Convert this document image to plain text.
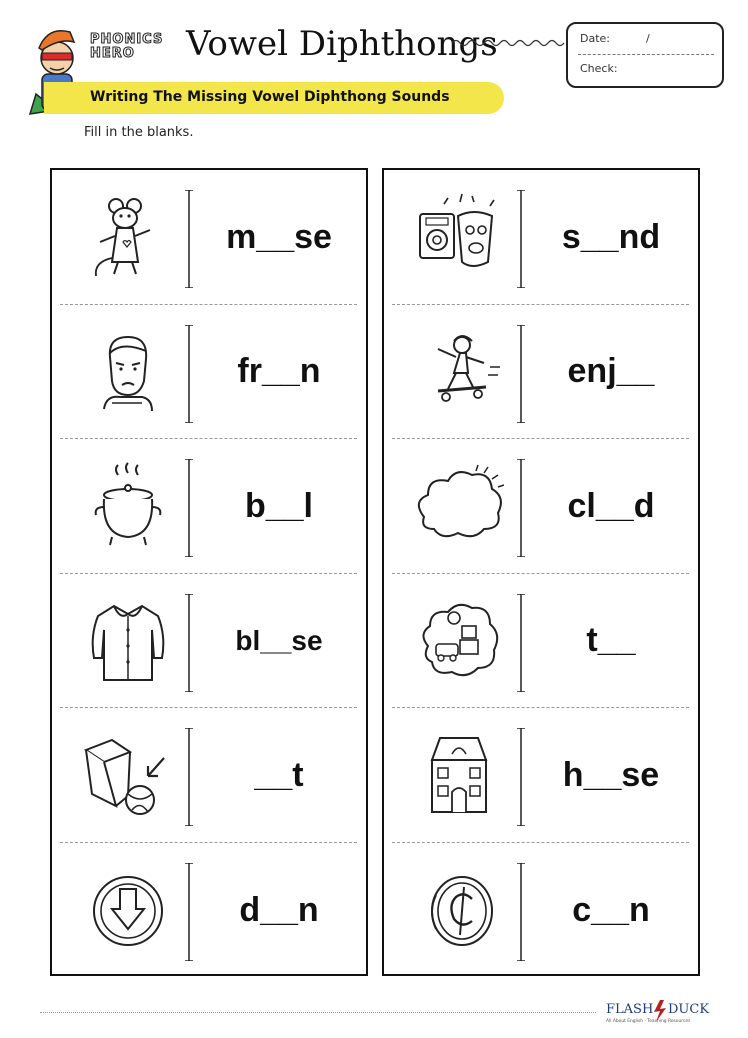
PHONICS HERO	Vowel Diphthongs	Date:	/
Check:
Writing The Missing Vowel Diphthong Sounds
Fill in the blanks.
m__se
fr__n
b__l
bl__se
__t
d__n
s__nd
enj__
cl__d
t__
h__se
c__n
FLASH DUCK
All About English · Teaching Resources
